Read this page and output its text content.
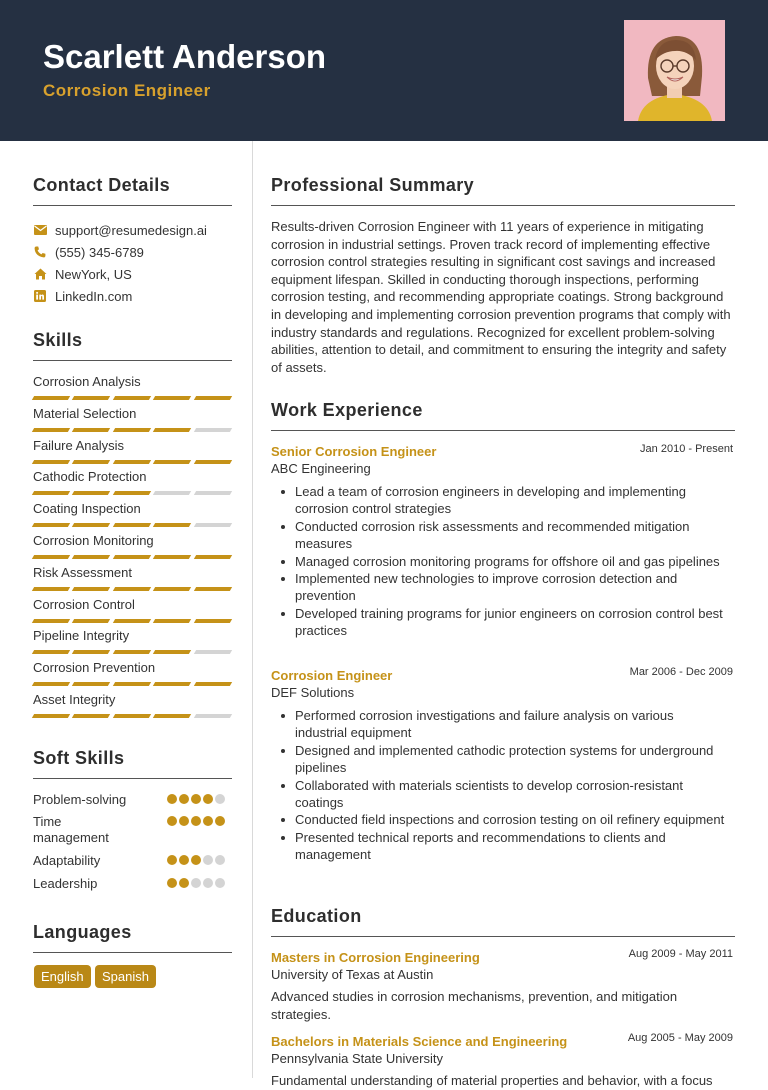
Scarlett Anderson
Corrosion Engineer
Contact Details
support@resumedesign.ai
(555) 345-6789
NewYork, US
LinkedIn.com
Skills
Corrosion Analysis
Material Selection
Failure Analysis
Cathodic Protection
Coating Inspection
Corrosion Monitoring
Risk Assessment
Corrosion Control
Pipeline Integrity
Corrosion Prevention
Asset Integrity
Soft Skills
Problem-solving
Time management
Adaptability
Leadership
Languages
English	Spanish
Professional Summary
Results-driven Corrosion Engineer with 11 years of experience in mitigating corrosion in industrial settings. Proven track record of implementing effective corrosion control strategies resulting in significant cost savings and increased equipment lifespan. Skilled in conducting thorough inspections, performing corrosion testing, and recommending appropriate coatings. Strong background in developing and implementing corrosion prevention programs that comply with industry standards and regulations. Recognized for excellent problem-solving abilities, attention to detail, and commitment to ensuring the integrity and safety of assets.
Work Experience
Senior Corrosion Engineer	Jan 2010 - Present
ABC Engineering
Lead a team of corrosion engineers in developing and implementing corrosion control strategies
Conducted corrosion risk assessments and recommended mitigation measures
Managed corrosion monitoring programs for offshore oil and gas pipelines
Implemented new technologies to improve corrosion detection and prevention
Developed training programs for junior engineers on corrosion control best practices
Corrosion Engineer	Mar 2006 - Dec 2009
DEF Solutions
Performed corrosion investigations and failure analysis on various industrial equipment
Designed and implemented cathodic protection systems for underground pipelines
Collaborated with materials scientists to develop corrosion-resistant coatings
Conducted field inspections and corrosion testing on oil refinery equipment
Presented technical reports and recommendations to clients and management
Education
Masters in Corrosion Engineering	Aug 2009 - May 2011
University of Texas at Austin
Advanced studies in corrosion mechanisms, prevention, and mitigation strategies.
Bachelors in Materials Science and Engineering	Aug 2005 - May 2009
Pennsylvania State University
Fundamental understanding of material properties and behavior, with a focus
